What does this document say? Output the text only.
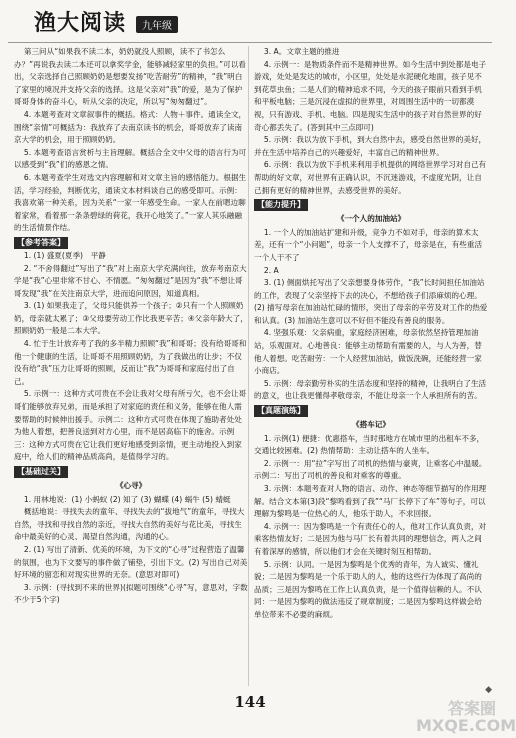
渔大阅读	九年级

第三问从“如果我不读二本，奶奶就没人照顾，读不了书怎么办？”再说我去读二本还可以拿奖学金，能够减轻家里的负担。”可以看出，父亲选择自己照顾奶奶是想要发扬“吃苦耐劳”的精神，“我”明白了家里的境况并支持父亲的选择。这是父亲对“我”的爱，是为了保护哥哥身体的奋斗心，听从父亲的决定，所以写“匆匆翻过”。

4. 本题考查对文章叙事件的概括。格式：人物＋事件。通读全文，围绕“亲情”可概括为：我放弃了去南京读书的机会，哥哥放弃了读南京大学的机会，用于照顾奶奶。

5. 本题考查语言赏析与主旨理解。概括合全文中父母的语言行为可以感受到“我”们的感恩之情。

6. 本题考查学生对选文内容理解和对文章主旨的感悟能力。根据生活，学习经验，判断优劣，通读文本材料谈自己的感受即可。示例：我喜欢第一种关系，因为关系“一家一年感受生命。一家人在前嗯边聊着家常，看着那一条条碧绿的荷花，我开心地笑了。”一家人其乐融融的生活情景作结。

【参考答案】

1. (1) 盛夏(夏季)　平静

2. “不舍得翻过”写出了“我”对上南京大学充满向往，放弃考南京大学是“我”心里非常不甘心、不情愿。“匆匆翻过”是因为“我”不想让哥哥发现“我”在关注南京大学，进而追问原因，知道真相。

3. (1) 如果我走了，父母只能供养一个孩子；②只有一个人照顾奶奶，母亲就太累了；③父母要劳动工作比我更辛苦；④父亲年龄大了，照顾奶奶一般是二本大学。

4. 忙于生计放弃考了我的多半精力照顾“我”和哥哥；没有给哥哥和他一个健康的生活，让哥哥不用照顾奶奶，为了我做出的让步；不仅没有给“我”压力让哥哥的照顾，反而让“我”为哥哥和家庭付出了自己。

5. 示例一：这种方式可贵在不会让我对父母有所亏欠，也不会让哥哥们能够放弃兄弟，而是承担了对家庭的责任和义务，能够在他人需要帮助的时候伸出援手。示例二：这种方式可贵在体现了施助者处处为他人着想，把善良送到对方心里，而不是居高临下的施舍。示例三：这种方式可贵在它让我们更好地感受到亲情，更主动地投入到家庭中，给人们的精神品质高尚，是值得学习的。

【基础过关】

《心寻》

1. 用林地说：(1) 小蚂蚁 (2) 知了 (3) 蝴蝶 (4) 蜗牛 (5) 蜻蜓

概括地说：寻找失去的童年、寻找失去的“拔地气”的童年，寻找大自然，寻找和寻找自然的亲近，寻找大自然的美好与花比美，寻找生命中最美好的心灵、渴望自然沟通，沟通的心。

2. (1) 写出了清新、优美的环境，为下文的“心寻”过程营造了温馨的氛围，也为下文要写的事件做了铺垫，引出下文。(2) 写出自己对美好环境的留恋和对现实世界的无奈。(意思对即可)

3. 示例：(寻找到不来的世界)(拟题可围绕“心寻”写，意思对，字数不少于5个字)

3. A。文章主题的推进

4. 示例一：是物质条件而不是精神世界。如今生活中到处都是电子游戏，处处是发达的城市，小区里，处处是水泥硬化地面，孩子见不到花草虫鱼；二是人们的精神追求不同，今天的孩子眼前只看到手机和平板电脑；三是沉浸在虚拟的世界里，对周围生活中的一切都漠视，只有游戏、手机、电脑。四是现实生活中的孩子对自然世界的好奇心都丢失了。(答到其中三点即可)

5. 示例：我以为放下手机，到大自然中去，感受自然世界的美好，并在生活中培养自己的兴趣爱好，丰富自己的精神世界。

6. 示例：我以为放下手机来利用手机提供的网络世界学习对自己有帮助的好文章，对世界有正确认识，不沉迷游戏，不虚度光阴，让自己拥有更好的精神世界，去感受世界的美好。

【能力提升】

《一个人的加油站》

1. 一个人的加油站扩建和升级，竞争力不如对手，母亲的算术太差，还有一个“小问题”，母亲一个人支撑不了，母亲是在，有些重活一个人干不了

2. A

3. (1) 侧面烘托写出了父亲想要身体劳作，“我”长时间担任加油站的工作，表现了父亲坚持下去的决心，不想给孩子们添麻烦的心理。(2) 描写母亲在加油站忙碌的情形，突出了母亲的辛劳及对工作的热爱和认真。(3) 加油站生意可以不好但不能没有善良的服务。

4. 坚强乐观：父亲病重，家庭经济困难，母亲依然坚持管理加油站，乐观面对。心地善良：能够主动帮助有需要的人，与人为善，替他人着想。吃苦耐劳：一个人经营加油站，做饭洗碗，还能经营一家小商店。

5. 示例：母亲勤劳朴实的生活态度和坚持的精神，让我明白了生活的意义，也让我更懂得孝敬母亲，不能让母亲一个人承担所有的苦。

【真题演练】

《搭车记》

1. 示例(1) 便捷：优惠搭车，当时那地方在城市里的出租车不多，交通比较困难。(2) 热情帮助：主动让搭车的人坐车。

2. 示例一：用“拉”字写出了司机的热情与豪爽，让乘客心中温暖。示例二：写出了司机的善良和对乘客的尊重。

3. 示例：本题考查对人物的语言、动作、神态等细节描写的作用理解。结合文本第(3)段“黎鸣看到了我”“马厂长停下了车”等句子，可以理解为黎鸣是一位热心的人，他乐于助人，不求回报。

4. 示例一：因为黎鸣是一个有责任心的人，他对工作认真负责，对乘客热情友好；二是因为他与马厂长有着共同的理想信念，两人之间有着深厚的感情，所以他们才会在关键时刻互相帮助。

5. 示例：认同。一是因为黎鸣是个优秀的青年，为人诚实、懂礼貌；二是因为黎鸣是一个乐于助人的人，他的这些行为体现了高尚的品质；三是因为黎鸣在工作上认真负责，是一个值得信赖的人。不认同：一是因为黎鸣的做法违反了规章制度；二是因为黎鸣这样做会给单位带来不必要的麻烦。

144
◆
答案圈 MXQE.COM
